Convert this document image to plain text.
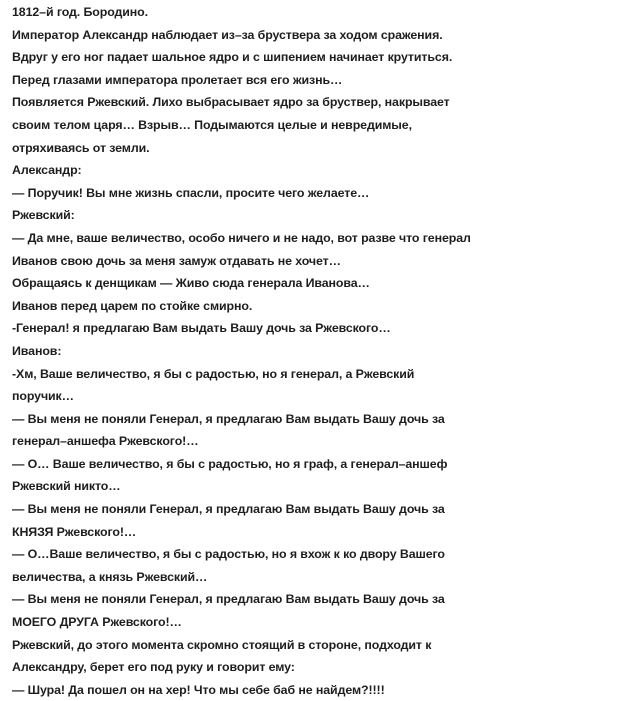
1812–й год. Бородино.
Император Александр наблюдает из–за бруствера за ходом сражения.
Вдруг у его ног падает шальное ядро и с шипением начинает крутиться.
Перед глазами императора пролетает вся его жизнь…
Появляется Ржевский. Лихо выбрасывает ядро за бруствер, накрывает
своим телом царя… Взрыв… Подымаются целые и невредимые,
отряхиваясь от земли.
Александр:
— Поручик! Вы мне жизнь спасли, просите чего желаете…
Ржевский:
— Да мне, ваше величество, особо ничего и не надо, вот разве что генерал
Иванов свою дочь за меня замуж отдавать не хочет…
Обращаясь к денщикам — Живо сюда генерала Иванова…
Иванов перед царем по стойке смирно.
-Генерал! я предлагаю Вам выдать Вашу дочь за Ржевского…
Иванов:
-Хм, Ваше величество, я бы с радостью, но я генерал, а Ржевский
поручик…
— Вы меня не поняли Генерал, я предлагаю Вам выдать Вашу дочь за
генерал–аншефа Ржевского!…
— О… Ваше величество, я бы с радостью, но я граф, а генерал–аншеф
Ржевский никто…
— Вы меня не поняли Генерал, я предлагаю Вам выдать Вашу дочь за
КНЯЗЯ Ржевского!…
— О…Ваше величество, я бы с радостью, но я вхож к ко двору Вашего
величества, а князь Ржевский…
— Вы меня не поняли Генерал, я предлагаю Вам выдать Вашу дочь за
МОЕГО ДРУГА Ржевского!…
Ржевский, до этого момента скромно стоящий в стороне, подходит к
Александру, берет его под руку и говорит ему:
— Шура! Да пошел он на хер! Что мы себе баб не найдем?!!!!
